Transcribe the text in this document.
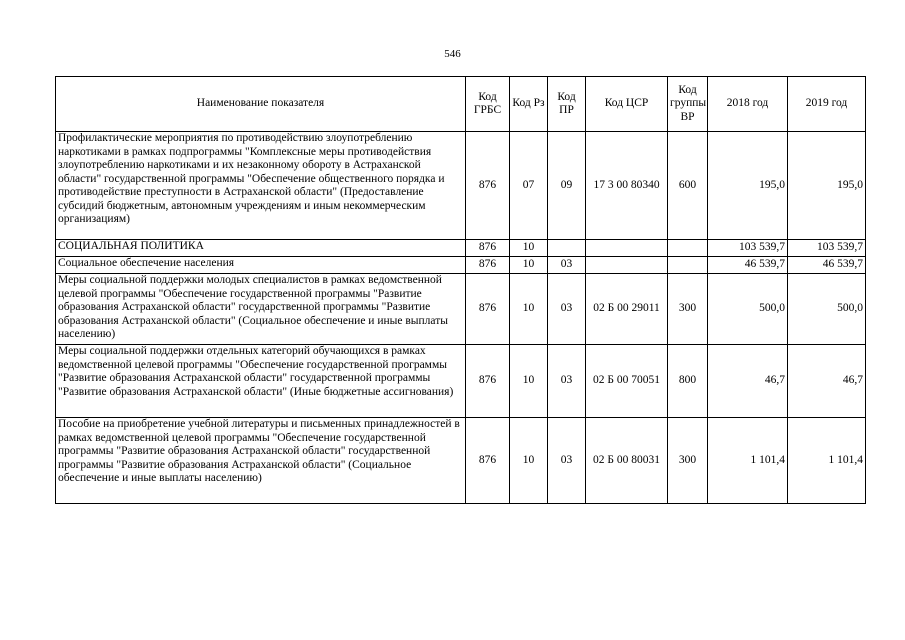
546
Наименование показателя	Код ГРБС	Код Рз	Код ПР	Код ЦСР	Код группы ВР	2018 год	2019 год
Профилактические мероприятия по противодействию злоупотреблению наркотиками в рамках подпрограммы "Комплексные меры противодействия злоупотреблению наркотиками и их незаконному обороту в Астраханской области" государственной программы "Обеспечение общественного порядка и противодействие преступности в Астраханской области" (Предоставление субсидий бюджетным, автономным учреждениям и иным некоммерческим организациям)	876	07	09	17 3 00 80340	600	195,0	195,0
СОЦИАЛЬНАЯ ПОЛИТИКА	876	10				103 539,7	103 539,7
Социальное обеспечение населения	876	10	03			46 539,7	46 539,7
Меры социальной поддержки молодых специалистов в рамках ведомственной целевой программы "Обеспечение государственной программы "Развитие образования Астраханской области" государственной программы "Развитие образования Астраханской области" (Социальное обеспечение и иные выплаты населению)	876	10	03	02 Б 00 29011	300	500,0	500,0
Меры социальной поддержки отдельных категорий обучающихся в рамках ведомственной целевой программы "Обеспечение государственной программы "Развитие образования Астраханской области" государственной программы "Развитие образования Астраханской области" (Иные бюджетные ассигнования)	876	10	03	02 Б 00 70051	800	46,7	46,7
Пособие на приобретение учебной литературы и письменных принадлежностей в рамках ведомственной целевой программы "Обеспечение государственной программы "Развитие образования Астраханской области" государственной программы "Развитие образования Астраханской области" (Социальное обеспечение и иные выплаты населению)	876	10	03	02 Б 00 80031	300	1 101,4	1 101,4
